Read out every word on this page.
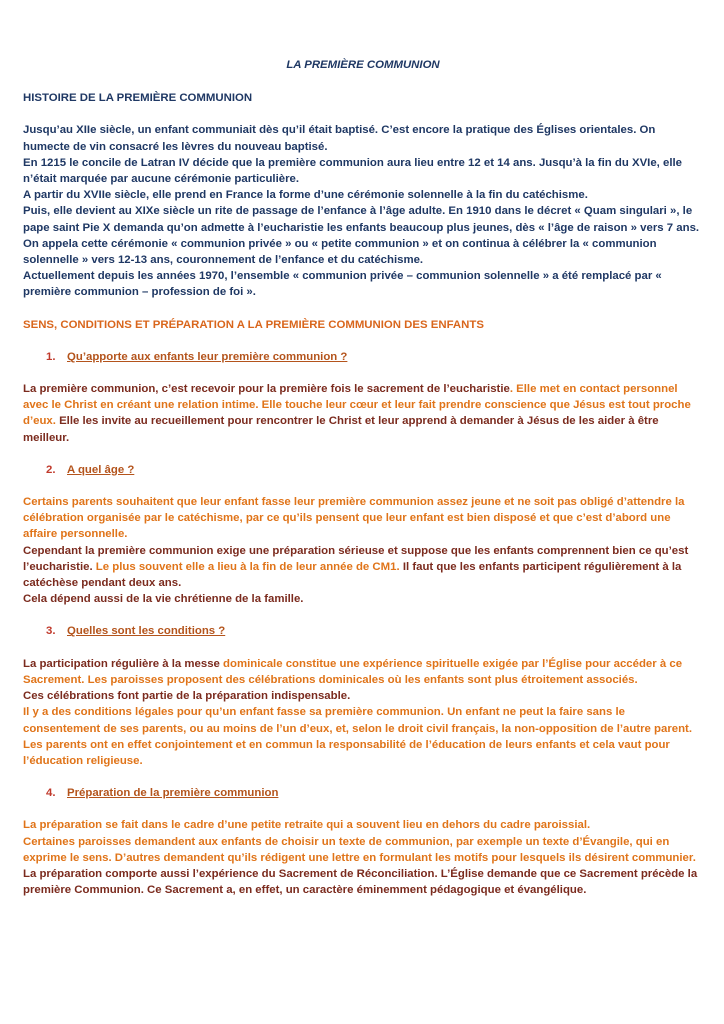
LA PREMIÈRE COMMUNION

HISTOIRE DE LA PREMIÈRE COMMUNION

Jusqu’au XIIe siècle, un enfant communiait dès qu’il était baptisé. C’est encore la pratique des Églises orientales. On humecte de vin consacré les lèvres du nouveau baptisé.

En 1215 le concile de Latran IV décide que la première communion aura lieu entre 12 et 14 ans. Jusqu’à la fin du XVIe, elle n’était marquée par aucune cérémonie particulière.

A partir du XVIIe siècle, elle prend en France la forme d’une cérémonie solennelle à la fin du catéchisme.

Puis, elle devient au XIXe siècle un rite de passage de l’enfance à l’âge adulte. En 1910 dans le décret « Quam singulari », le pape saint Pie X demanda qu’on admette à l’eucharistie les enfants beaucoup plus jeunes, dès « l’âge de raison » vers 7 ans. On appela cette cérémonie « communion privée » ou « petite communion » et on continua à célébrer la « communion solennelle » vers 12-13 ans, couronnement de l’enfance et du catéchisme.

Actuellement depuis les années 1970, l’ensemble « communion privée – communion solennelle » a été remplacé par « première communion – profession de foi ».

SENS, CONDITIONS ET PRÉPARATION A LA PREMIÈRE COMMUNION DES ENFANTS

1. Qu’apporte aux enfants leur première communion ?

La première communion, c’est recevoir pour la première fois le sacrement de l’eucharistie. Elle met en contact personnel avec le Christ en créant une relation intime. Elle touche leur cœur et leur fait prendre conscience que Jésus est tout proche d’eux. Elle les invite au recueillement pour rencontrer le Christ et leur apprend à demander à Jésus de les aider à être meilleur.

2. A quel âge ?

Certains parents souhaitent que leur enfant fasse leur première communion assez jeune et ne soit pas obligé d’attendre la célébration organisée par le catéchisme, par ce qu’ils pensent que leur enfant est bien disposé et que c’est d’abord une affaire personnelle.

Cependant la première communion exige une préparation sérieuse et suppose que les enfants comprennent bien ce qu’est l’eucharistie. Le plus souvent elle a lieu à la fin de leur année de CM1. Il faut que les enfants participent régulièrement à la catéchèse pendant deux ans.

Cela dépend aussi de la vie chrétienne de la famille.

3. Quelles sont les conditions ?

La participation régulière à la messe dominicale constitue une expérience spirituelle exigée par l’Église pour accéder à ce Sacrement. Les paroisses proposent des célébrations dominicales où les enfants sont plus étroitement associés.

Ces célébrations font partie de la préparation indispensable.

Il y a des conditions légales pour qu’un enfant fasse sa première communion. Un enfant ne peut la faire sans le consentement de ses parents, ou au moins de l’un d’eux, et, selon le droit civil français, la non-opposition de l’autre parent. Les parents ont en effet conjointement et en commun la responsabilité de l’éducation de leurs enfants et cela vaut pour l’éducation religieuse.

4. Préparation de la première communion

La préparation se fait dans le cadre d’une petite retraite qui a souvent lieu en dehors du cadre paroissial.

Certaines paroisses demandent aux enfants de choisir un texte de communion, par exemple un texte d’Évangile, qui en exprime le sens. D’autres demandent qu’ils rédigent une lettre en formulant les motifs pour lesquels ils désirent communier.

La préparation comporte aussi l’expérience du Sacrement de Réconciliation. L’Église demande que ce Sacrement précède la première Communion. Ce Sacrement a, en effet, un caractère éminemment pédagogique et évangélique.
